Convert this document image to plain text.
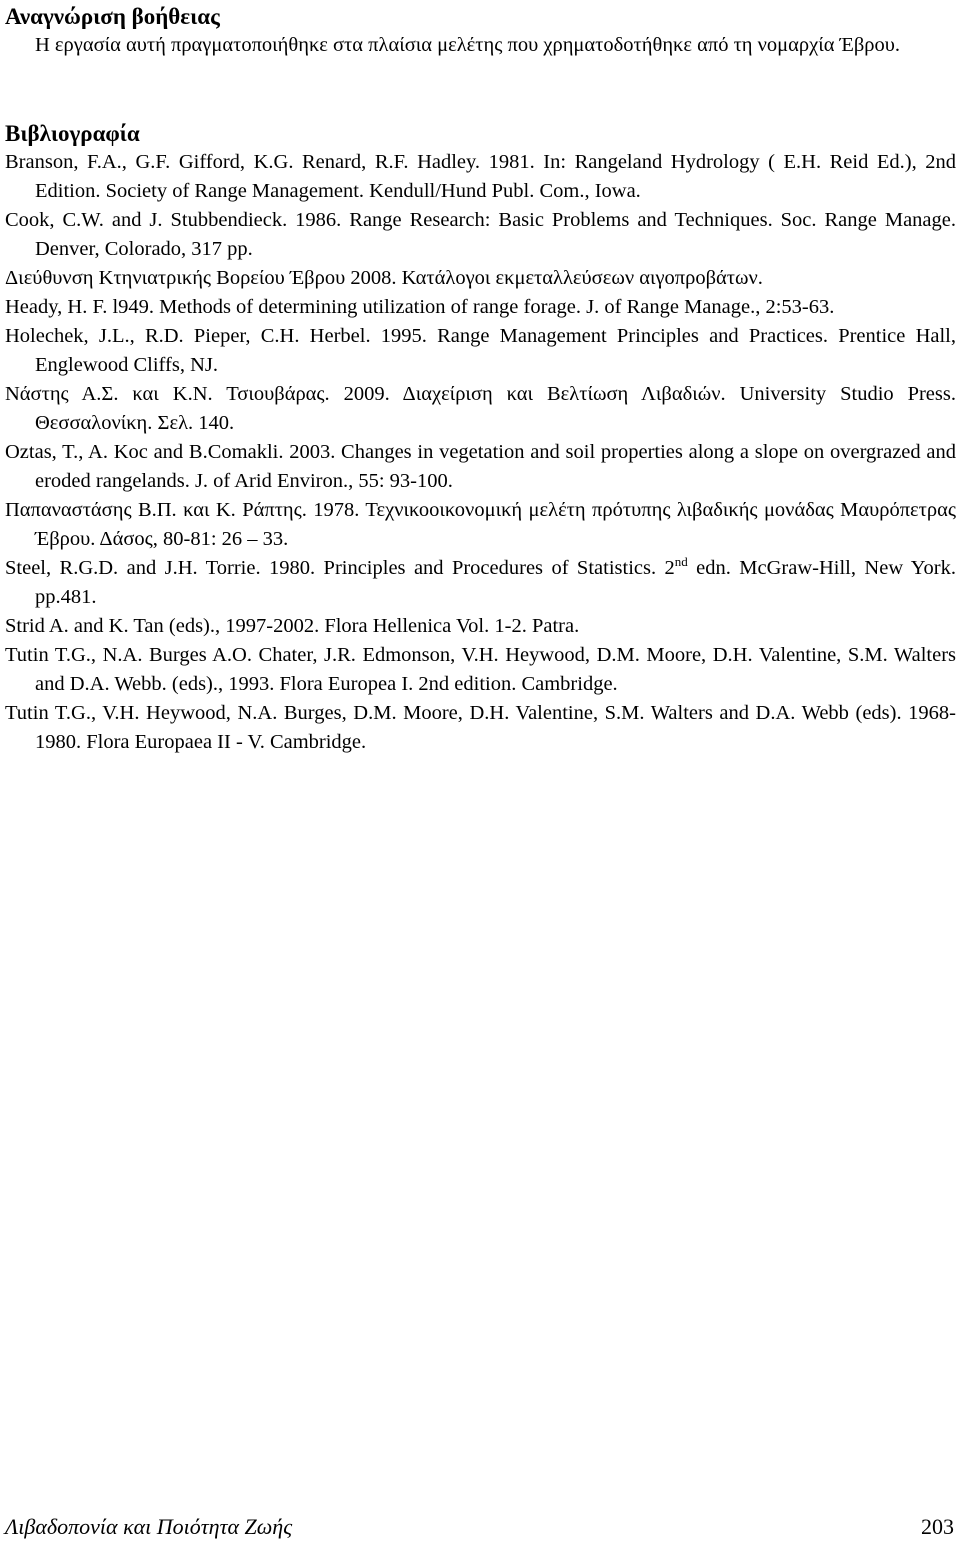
Αναγνώριση βοήθειας

Η εργασία αυτή πραγματοποιήθηκε στα πλαίσια μελέτης που χρηματοδοτήθηκε από τη νομαρχία Έβρου.

Βιβλιογραφία
Branson, F.A., G.F. Gifford, K.G. Renard, R.F. Hadley. 1981. In: Rangeland Hydrology ( E.H. Reid Ed.), 2nd Edition. Society of Range Management. Kendull/Hund Publ. Com., Iowa.
Cook, C.W. and J. Stubbendieck. 1986. Range Research: Basic Problems and Techniques. Soc. Range Manage. Denver, Colorado, 317 pp.
Διεύθυνση Κτηνιατρικής Βορείου Έβρου 2008. Κατάλογοι εκμεταλλεύσεων αιγοπροβάτων.
Heady, H. F. l949. Methods of determining utilization of range forage. J. of Range Manage., 2:53-63.
Holechek, J.L., R.D. Pieper, C.H. Herbel. 1995. Range Management Principles and Practices. Prentice Hall, Englewood Cliffs, NJ.
Νάστης Α.Σ. και Κ.Ν. Τσιουβάρας. 2009. Διαχείριση και Βελτίωση Λιβαδιών. University Studio Press. Θεσσαλονίκη. Σελ. 140.
Oztas, T., A. Koc and B.Comakli. 2003. Changes in vegetation and soil properties along a slope on overgrazed and eroded rangelands. J. of Arid Environ., 55: 93-100.
Παπαναστάσης Β.Π. και Κ. Ράπτης. 1978. Τεχνικοοικονομική μελέτη πρότυπης λιβαδικής μονάδας Μαυρόπετρας Έβρου. Δάσος, 80-81: 26 – 33.
Steel, R.G.D. and J.H. Torrie. 1980. Principles and Procedures of Statistics. 2nd edn. McGraw-Hill, New York. pp.481.
Strid A. and K. Tan (eds)., 1997-2002. Flora Hellenica Vol. 1-2. Patra.
Tutin T.G., N.A. Burges A.O. Chater, J.R. Edmonson, V.H. Heywood, D.M. Moore, D.H. Valentine, S.M. Walters and D.A. Webb. (eds)., 1993. Flora Europea I. 2nd edition. Cambridge.
Tutin T.G., V.H. Heywood, N.A. Burges, D.M. Moore, D.H. Valentine, S.M. Walters and D.A. Webb (eds). 1968-1980. Flora Europaea II - V. Cambridge.
Λιβαδοπονία και Ποιότητα Ζωής	203
